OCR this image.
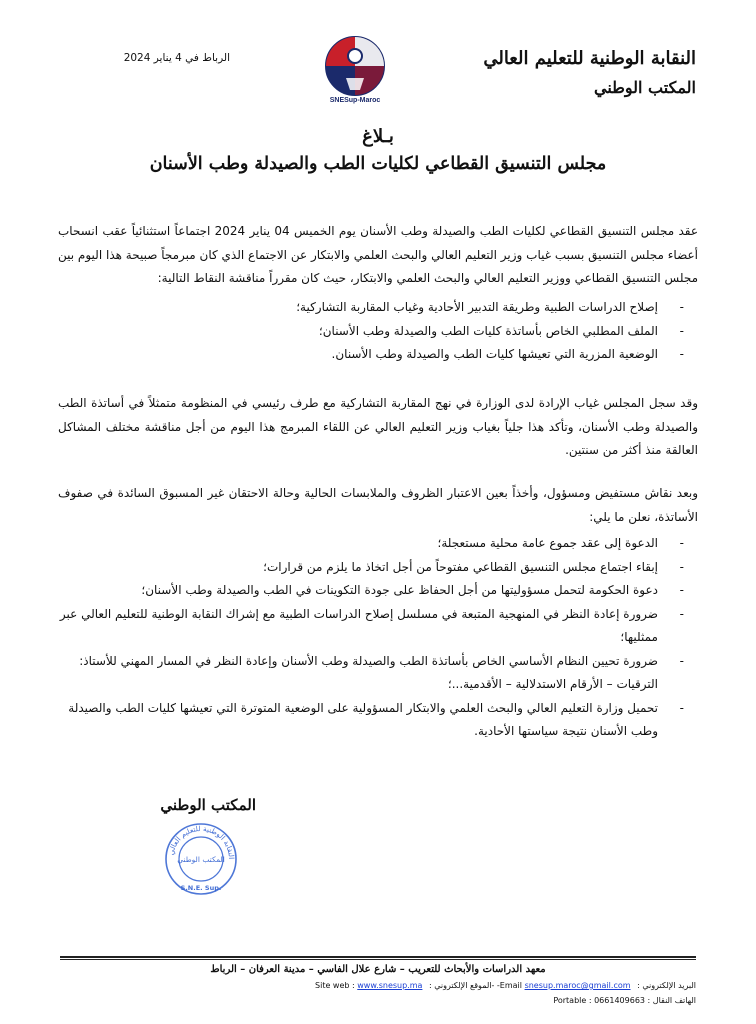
النقابة الوطنية للتعليم العالي
المكتب الوطني
الرباط في 4 يناير 2024
SNESup-Maroc
بـلاغ
مجلس التنسيق القطاعي لكليات الطب والصيدلة وطب الأسنان
عقد مجلس التنسيق القطاعي لكليات الطب والصيدلة وطب الأسنان يوم الخميس 04 يناير 2024 اجتماعاً استثنائياً عقب انسحاب أعضاء مجلس التنسيق بسبب غياب وزير التعليم العالي والبحث العلمي والابتكار عن الاجتماع الذي كان مبرمجاً صبيحة هذا اليوم بين مجلس التنسيق القطاعي ووزير التعليم العالي والبحث العلمي والابتكار، حيث كان مقرراً مناقشة النقاط التالية:
-
إصلاح الدراسات الطبية وطريقة التدبير الأحادية وغياب المقاربة التشاركية؛
-
الملف المطلبي الخاص بأساتذة كليات الطب والصيدلة وطب الأسنان؛
-
الوضعية المزرية التي تعيشها كليات الطب والصيدلة وطب الأسنان.
وقد سجل المجلس غياب الإرادة لدى الوزارة في نهج المقاربة التشاركية مع طرف رئيسي في المنظومة متمثلاً في أساتذة الطب والصيدلة وطب الأسنان، وتأكد هذا جلياً بغياب وزير التعليم العالي عن اللقاء المبرمج هذا اليوم من أجل مناقشة مختلف المشاكل العالقة منذ أكثر من سنتين.
وبعد نقاش مستفيض ومسؤول، وأخذاً بعين الاعتبار الظروف والملابسات الحالية وحالة الاحتقان غير المسبوق السائدة في صفوف الأساتذة، نعلن ما يلي:
-
الدعوة إلى عقد جموع عامة محلية مستعجلة؛
-
إبقاء اجتماع مجلس التنسيق القطاعي مفتوحاً من أجل اتخاذ ما يلزم من قرارات؛
-
دعوة الحكومة لتحمل مسؤوليتها من أجل الحفاظ على جودة التكوينات في الطب والصيدلة وطب الأسنان؛
-
ضرورة إعادة النظر في المنهجية المتبعة في مسلسل إصلاح الدراسات الطبية مع إشراك النقابة الوطنية للتعليم العالي عبر ممثليها؛
-
ضرورة تحيين النظام الأساسي الخاص بأساتذة الطب والصيدلة وطب الأسنان وإعادة النظر في المسار المهني للأستاذ: الترقيات – الأرقام الاستدلالية – الأقدمية...؛
-
تحميل وزارة التعليم العالي والبحث العلمي والابتكار المسؤولية على الوضعية المتوترة التي تعيشها كليات الطب والصيدلة وطب الأسنان نتيجة سياستها الأحادية.
المكتب الوطني
النقابة الوطنية للتعليم العالي
المكتب الوطني
S.N.E. Sup.
معهد الدراسات والأبحاث للتعريب – شارع علال الفاسي – مدينة العرفان – الرباط
البريد الإلكتروني : snesup.maroc@gmail.com -Email -الموقع الإلكتروني : www.snesup.ma Site web :
الهاتف النقال : 0661409663 Portable :
